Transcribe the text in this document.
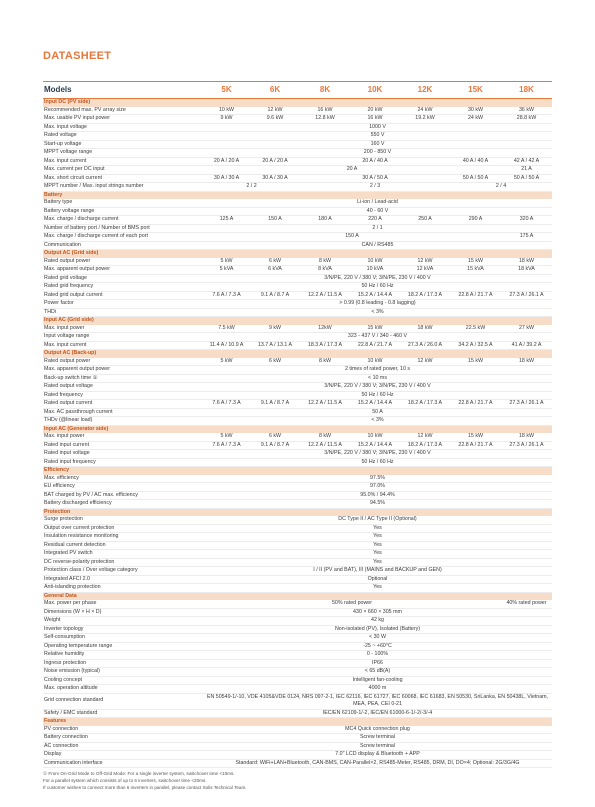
DATASHEET
Models	5K	6K	8K	10K	12K	15K	18K
Input DC (PV side)							
Recommended max. PV array size	10 kW	12 kW	16 kW	20 kW	24 kW	30 kW	36 kW
Max. usable PV input power	9 kW	9.6 kW	12.8 kW	16 kW	19.2 kW	24 kW	28.8 kW
Max. input voltage	1000 V						
Rated voltage	550 V						
Start-up voltage	160 V						
MPPT voltage range	200 - 850 V						
Max. input current	20 A / 20 A	20 A / 20 A	20 A / 40 A			40 A / 40 A	42 A / 42 A
Max. current per DC input	20 A						21 A
Max. short circuit current	30 A / 30 A	30 A / 30 A	30 A / 50 A			50 A / 50 A	50 A / 50 A
MPPT number / Max. input strings number	2 / 2		2 / 3			2 / 4	
Battery							
Battery type	Li-ion / Lead-acid						
Battery voltage range	40 - 60 V						
Max. charge / discharge current	125 A	150 A	180 A	220 A	250 A	290 A	320 A
Number of battery port / Number of BMS port	2 / 1						
Max. charge / discharge current of each port	150 A						175 A
Communication	CAN / RS485						
Output AC (Grid side)							
Rated output power	5 kW	6 kW	8 kW	10 kW	12 kW	15 kW	18 kW
Max. apparent output power	5 kVA	6 kVA	8 kVA	10 kVA	12 kVA	15 kVA	18 kVA
Rated grid voltage	3/N/PE, 220 V / 380 V; 3/N/PE, 230 V / 400 V						
Rated grid frequency	50 Hz / 60 Hz						
Rated grid output current	7.6 A / 7.3 A	9.1 A / 8.7 A	12.2 A / 11.5 A	15.2 A / 14.4 A	18.2 A / 17.3 A	22.8 A / 21.7 A	27.3 A / 26.1 A
Power factor	> 0.99 (0.8 leading - 0.8 lagging)						
THDi	< 3%						
Input AC (Grid side)							
Max. input power	7.5 kW	9 kW	12kW	15 kW	18 kW	22.5 kW	27 kW
Input voltage range	323 - 437 V / 340 - 460 V						
Max. input current	11.4 A / 10.9 A	13.7 A / 13.1 A	18.3 A / 17.3 A	22.8 A / 21.7 A	27.3 A / 26.0 A	34.2 A / 32.5 A	41 A / 39.2 A
Output AC (Back-up)							
Rated output power	5 kW	6 kW	8 kW	10 kW	12 kW	15 kW	18 kW
Max. apparent output power	2 times of rated power, 10 s						
Back-up switch time ①	< 10 ms						
Rated output voltage	3/N/PE, 220 V / 380 V; 3/N/PE, 230 V / 400 V						
Rated frequency	50 Hz / 60 Hz						
Rated output current	7.6 A / 7.3 A	9.1 A / 8.7 A	12.2 A / 11.5 A	15.2 A / 14.4 A	18.2 A / 17.3 A	22.8 A / 21.7 A	27.3 A / 26.1 A
Max. AC passthrough current	50 A						
THDv (@linear load)	< 3%						
Input AC (Generator side)							
Max. input power	5 kW	6 kW	8 kW	10 kW	12 kW	15 kW	18 kW
Rated input current	7.6 A / 7.3 A	9.1 A / 8.7 A	12.2 A / 11.5 A	15.2 A / 14.4 A	18.2 A / 17.3 A	22.8 A / 21.7 A	27.3 A / 26.1 A
Rated input voltage	3/N/PE, 220 V / 380 V; 3/N/PE, 230 V / 400 V						
Rated input frequency	50 Hz / 60 Hz						
Efficiency							
Max. efficiency	97.5%						
EU efficiency	97.0%						
BAT charged by PV / AC max. efficiency	95.0% / 94.4%						
Battery discharged efficiency	94.5%						
Protection							
Surge protection	DC Type II / AC Type II (Optional)						
Output over current protection	Yes						
Insulation resistance monitoring	Yes						
Residual current detection	Yes						
Integrated PV switch	Yes						
DC reverse-polarity protection	Yes						
Protection class / Over voltage category	I / II (PV and BAT), III (MAINS and BACKUP and GEN)						
Integrated AFCI 2.0	Optional						
Anti-islanding protection	Yes						
General Data							
Max. power per phase	50% rated power						40% rated power
Dimensions (W × H × D)	430 × 660 × 305 mm						
Weight	42 kg						
Inverter topology	Non-isolated (PV), Isolated (Battery)						
Self-consumption	< 30 W						
Operating temperature range	-25 ~ +60°C						
Relative humidity	0 - 100%						
Ingress protection	IP66						
Noise emission (typical)	< 65 dB(A)						
Cooling concept	Intelligent fan-cooling						
Max. operation altitude	4000 m						
Grid connection standard	EN 50549-1/-10, VDE 4105&VDE 0124, NRS 097-2-1, IEC 62116, IEC 61727, IEC 60068, IEC 61683, EN 50530, SriLanka, EN 50438L, Vietnam, MEA, PEA, CEI 0-21						
Safety / EMC standard	IEC/EN 62109-1/-2, IEC/EN 61000-6-1/-2/-3/-4						
Features							
PV connection	MC4 Quick connection plug						
Battery connection	Screw terminal						
AC connection	Screw terminal						
Display	7.0" LCD display & Bluetooth + APP						
Communication interface	Standard: WiFi+LAN+Bluetooth, CAN-BMS, CAN-Parallel×2, RS485-Meter, RS485, DRM, DI, DO×4; Optional: 2G/3G/4G						
① From On-Grid Mode to Off-Grid Mode: For a single inverter system, switchover time <10ms.
For a parallel system which consists of up to 6 inverters, switchover time <20ms.
If customer wishes to connect more than 6 inverters in parallel, please contact Solis Technical Team.
